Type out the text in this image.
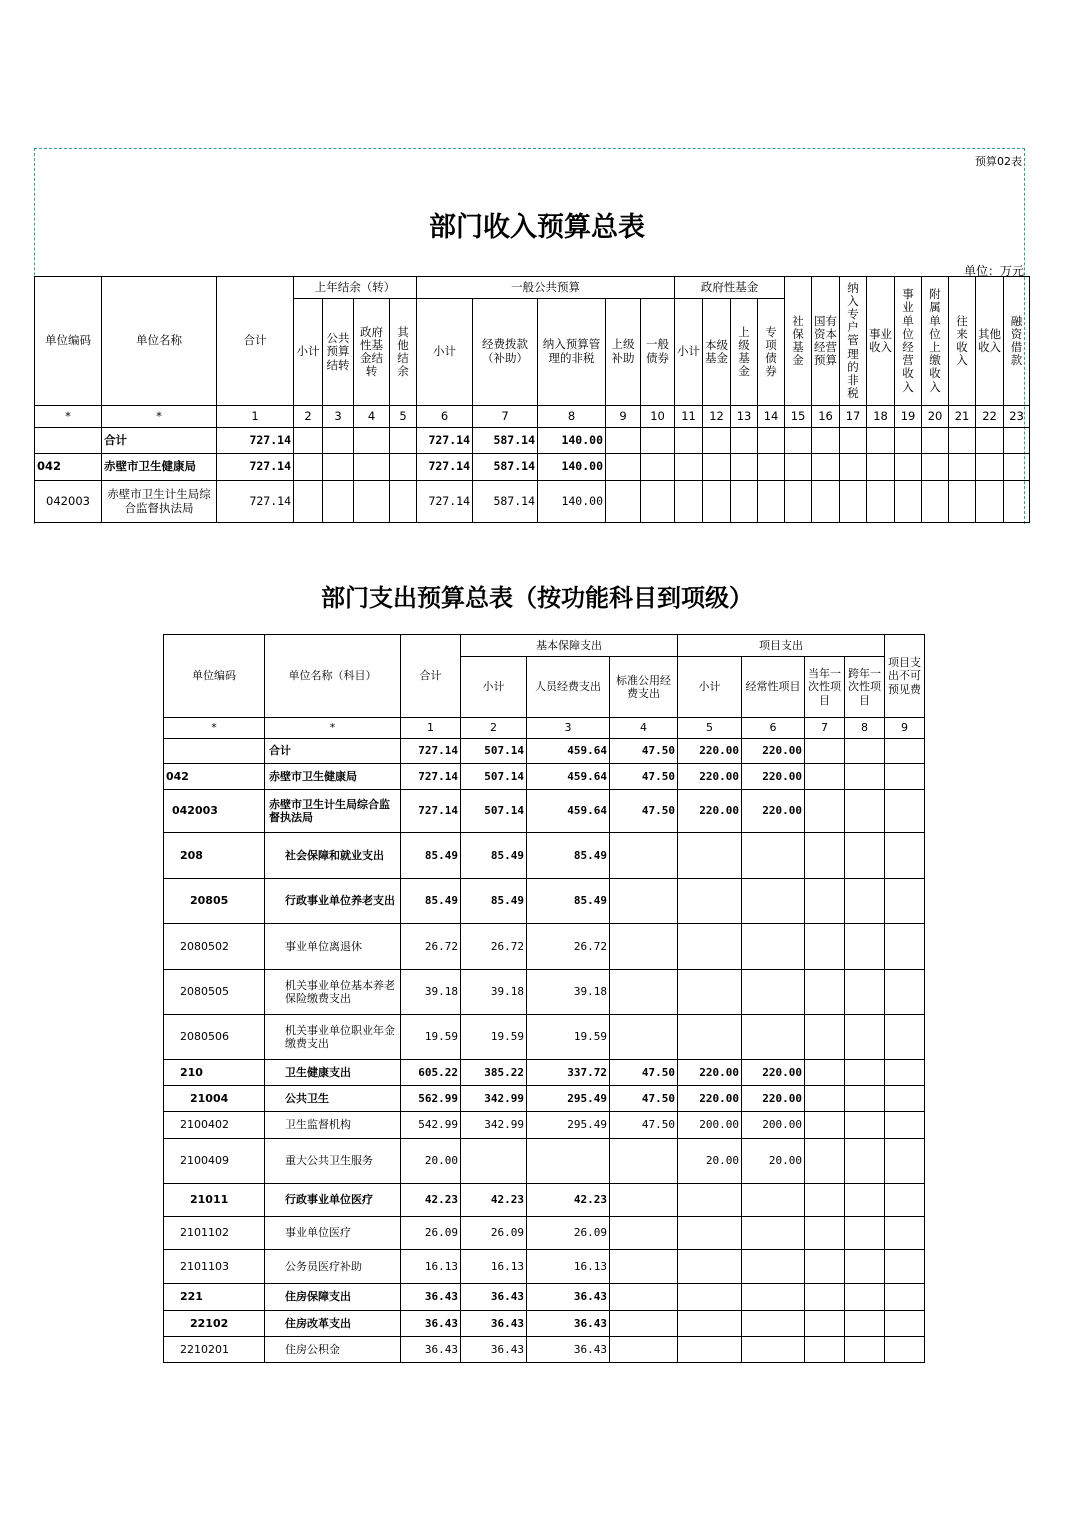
预算02表
部门收入预算总表
单位：万元
单位编码	单位名称	合计	上年结余（转）				一般公共预算					政府性基金				社保基金	国有资本经营预算	纳入专户管理的非税	事业收入	事业单位经营收入	附属单位上缴收入	往来收入	其他收入	融资借款
			小计	公共预算结转	政府性基金结转	其他结余	小计	经费拨款（补助）	纳入预算管理的非税	上级补助	一般债券	小计	本级基金	上级基金	专项债券									
*	*	1	2	3	4	5	6	7	8	9	10	11	12	13	14	15	16	17	18	19	20	21	22	23
	合计	727.14					727.14	587.14	140.00															
042	赤壁市卫生健康局	727.14					727.14	587.14	140.00															
042003	赤壁市卫生计生局综合监督执法局	727.14					727.14	587.14	140.00															
部门支出预算总表（按功能科目到项级）
单位编码	单位名称（科目）	合计	基本保障支出			项目支出				项目支出不可预见费
			小计	人员经费支出	标准公用经费支出	小计	经常性项目	当年一次性项目	跨年一次性项目	
*	*	1	2	3	4	5	6	7	8	9
	合计	727.14	507.14	459.64	47.50	220.00	220.00			
042	赤壁市卫生健康局	727.14	507.14	459.64	47.50	220.00	220.00			
042003	赤壁市卫生计生局综合监督执法局	727.14	507.14	459.64	47.50	220.00	220.00			
208	社会保障和就业支出	85.49	85.49	85.49						
20805	行政事业单位养老支出	85.49	85.49	85.49						
2080502	事业单位离退休	26.72	26.72	26.72						
2080505	机关事业单位基本养老保险缴费支出	39.18	39.18	39.18						
2080506	机关事业单位职业年金缴费支出	19.59	19.59	19.59						
210	卫生健康支出	605.22	385.22	337.72	47.50	220.00	220.00			
21004	公共卫生	562.99	342.99	295.49	47.50	220.00	220.00			
2100402	卫生监督机构	542.99	342.99	295.49	47.50	200.00	200.00			
2100409	重大公共卫生服务	20.00				20.00	20.00			
21011	行政事业单位医疗	42.23	42.23	42.23						
2101102	事业单位医疗	26.09	26.09	26.09						
2101103	公务员医疗补助	16.13	16.13	16.13						
221	住房保障支出	36.43	36.43	36.43						
22102	住房改革支出	36.43	36.43	36.43						
2210201	住房公积金	36.43	36.43	36.43						
